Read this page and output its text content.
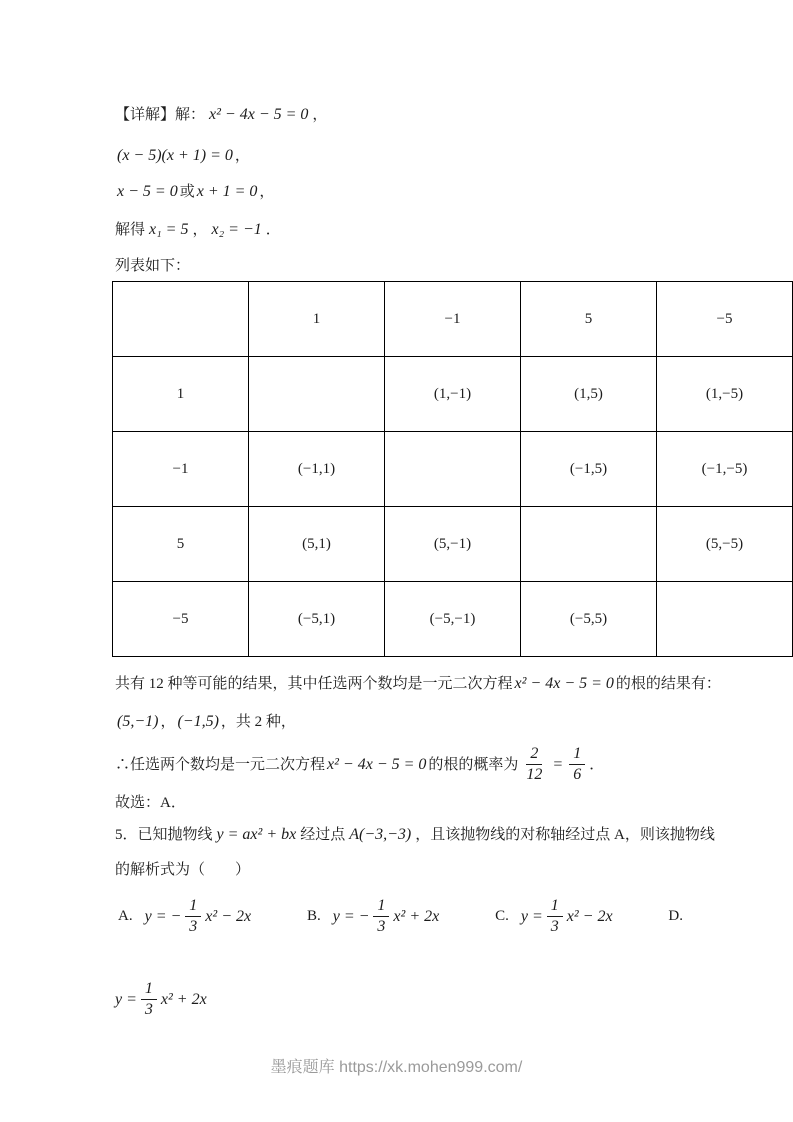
【详解】解： x² − 4x − 5 = 0 ，

(x − 5)(x + 1) = 0 ，

x − 5 = 0 或 x + 1 = 0 ，

解得 x₁ = 5 ， x₂ = −1 ．

列表如下：

	1	−1	5	−5
1		(1,−1)	(1,5)	(1,−5)
−1	(−1,1)		(−1,5)	(−1,−5)
5	(5,1)	(5,−1)		(5,−5)
−5	(−5,1)	(−5,−1)	(−5,5)	

共有 12 种等可能的结果，其中任选两个数均是一元二次方程 x² − 4x − 5 = 0 的根的结果有：

(5,−1) ， (−1,5) ，共 2 种，

∴任选两个数均是一元二次方程 x² − 4x − 5 = 0 的根的概率为 $\frac{2}{12} = \frac{1}{6}$ ．

故选：A．

5．已知抛物线 y = ax² + bx 经过点 A(−3,−3) ，且该抛物线的对称轴经过点 A，则该抛物线

的解析式为（　　）

A. y = − $\frac{1}{3} x^2 - 2x$	B. y = − $\frac{1}{3} x^2 + 2x$	C. $y = \frac{1}{3} x^2 - 2x$	D.

$y = \frac{1}{3} x^2 + 2x$

墨痕题库 https://xk.mohen999.com/
